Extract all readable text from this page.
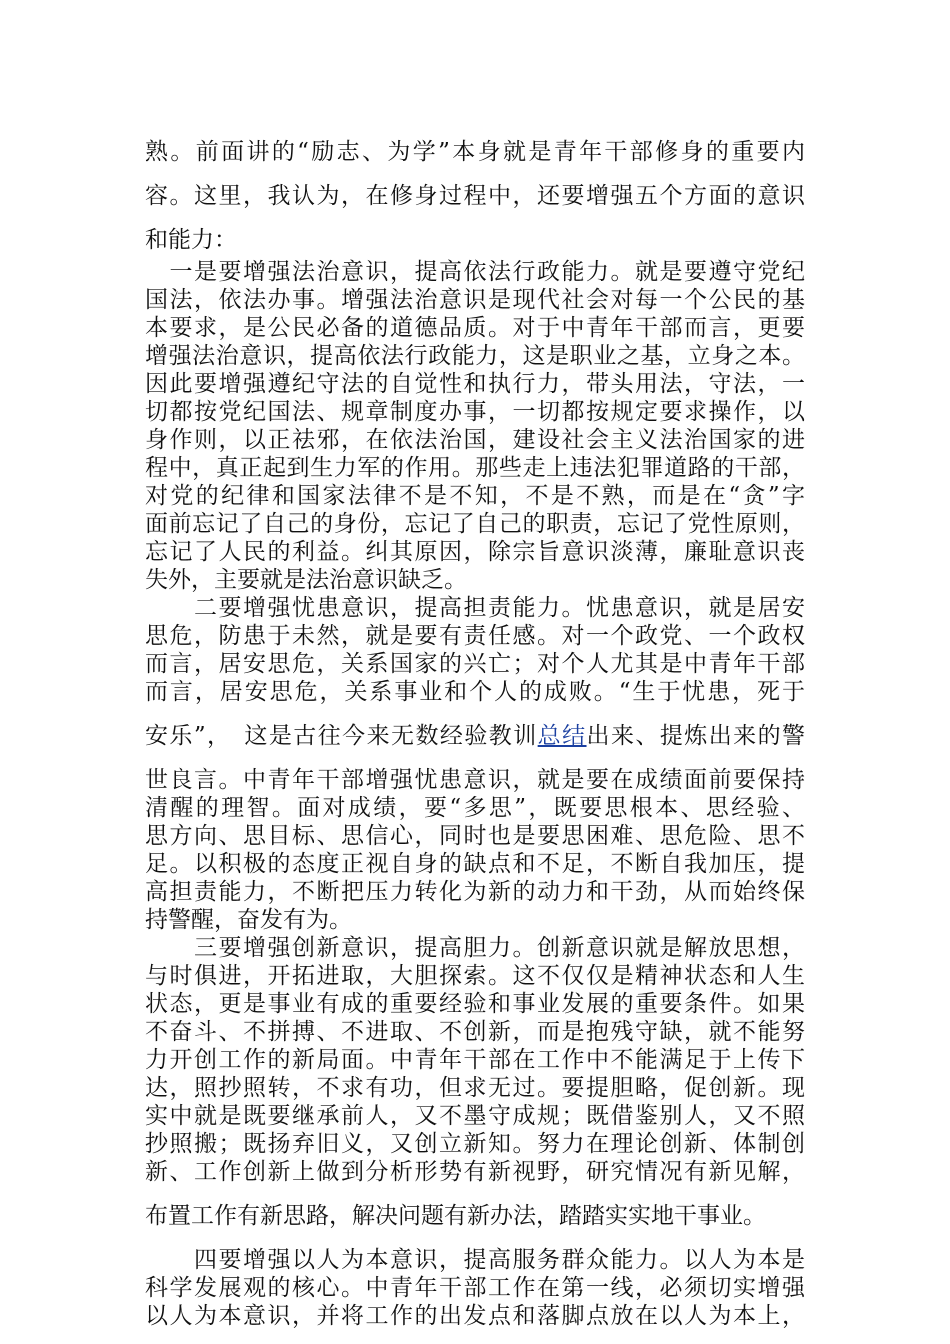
熟。前面讲的“励志、为学”本身就是青年干部修身的重要内
容。这里，我认为，在修身过程中，还要增强五个方面的意识
和能力：
　一是要增强法治意识，提高依法行政能力。就是要遵守党纪
国法，依法办事。增强法治意识是现代社会对每一个公民的基
本要求，是公民必备的道德品质。对于中青年干部而言，更要
增强法治意识，提高依法行政能力，这是职业之基，立身之本。
因此要增强遵纪守法的自觉性和执行力，带头用法，守法，一
切都按党纪国法、规章制度办事，一切都按规定要求操作，以
身作则，以正祛邪，在依法治国，建设社会主义法治国家的进
程中，真正起到生力军的作用。那些走上违法犯罪道路的干部，
对党的纪律和国家法律不是不知，不是不熟，而是在“贪”字
面前忘记了自己的身份，忘记了自己的职责，忘记了党性原则，
忘记了人民的利益。纠其原因，除宗旨意识淡薄，廉耻意识丧
失外，主要就是法治意识缺乏。
　　二要增强忧患意识，提高担责能力。忧患意识，就是居安
思危，防患于未然，就是要有责任感。对一个政党、一个政权
而言，居安思危，关系国家的兴亡；对个人尤其是中青年干部
而言，居安思危，关系事业和个人的成败。“生于忧患，死于
安乐”，　这是古往今来无数经验教训总结出来、提炼出来的警
世良言。中青年干部增强忧患意识，就是要在成绩面前要保持
清醒的理智。面对成绩，要“多思”，既要思根本、思经验、
思方向、思目标、思信心，同时也是要思困难、思危险、思不
足。以积极的态度正视自身的缺点和不足，不断自我加压，提
高担责能力，不断把压力转化为新的动力和干劲，从而始终保
持警醒，奋发有为。
　　三要增强创新意识，提高胆力。创新意识就是解放思想，
与时俱进，开拓进取，大胆探索。这不仅仅是精神状态和人生
状态，更是事业有成的重要经验和事业发展的重要条件。如果
不奋斗、不拼搏、不进取、不创新，而是抱残守缺，就不能努
力开创工作的新局面。中青年干部在工作中不能满足于上传下
达，照抄照转，不求有功，但求无过。要提胆略，促创新。现
实中就是既要继承前人，又不墨守成规；既借鉴别人，又不照
抄照搬；既扬弃旧义，又创立新知。努力在理论创新、体制创
新、工作创新上做到分析形势有新视野，研究情况有新见解，
布置工作有新思路，解决问题有新办法，踏踏实实地干事业。
　　四要增强以人为本意识，提高服务群众能力。以人为本是
科学发展观的核心。中青年干部工作在第一线，必须切实增强
以人为本意识，并将工作的出发点和落脚点放在以人为本上，
